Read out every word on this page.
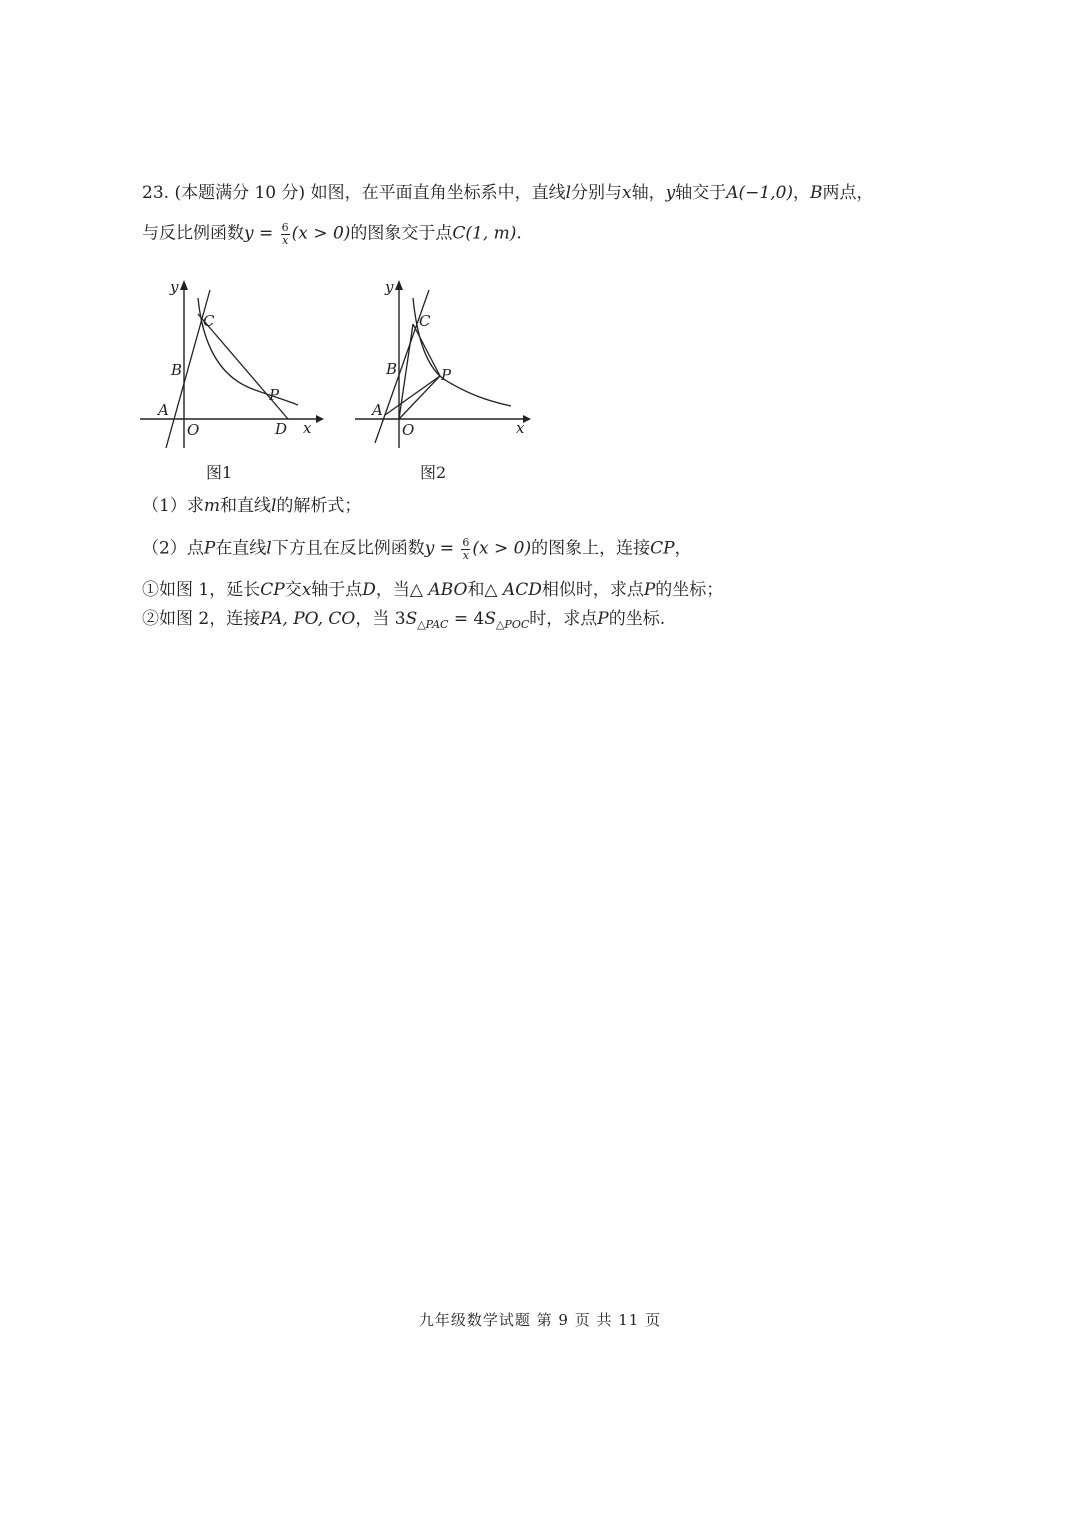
23. (本题满分 10 分) 如图，在平面直角坐标系中，直线l分别与x轴，y轴交于A(−1,0)，B两点，
与反比例函数$y = \frac{6}{x} (x > 0)$的图象交于点C(1, m).
y
x
O
A
B
C
P
D
图1
y
x
O
A
B
C
P
图2
（1）求m和直线l的解析式；
（2）点P在直线l下方且在反比例函数$y = \frac{6}{x} (x > 0)$的图象上，连接CP，
①如图 1，延长CP交x轴于点D，当△ ABO和△ ACD相似时，求点P的坐标；
②如图 2，连接PA, PO, CO，当 $3S_{\triangle PAC} = 4S_{\triangle POC}$时，求点P的坐标.
九年级数学试题 第 9 页 共 11 页
